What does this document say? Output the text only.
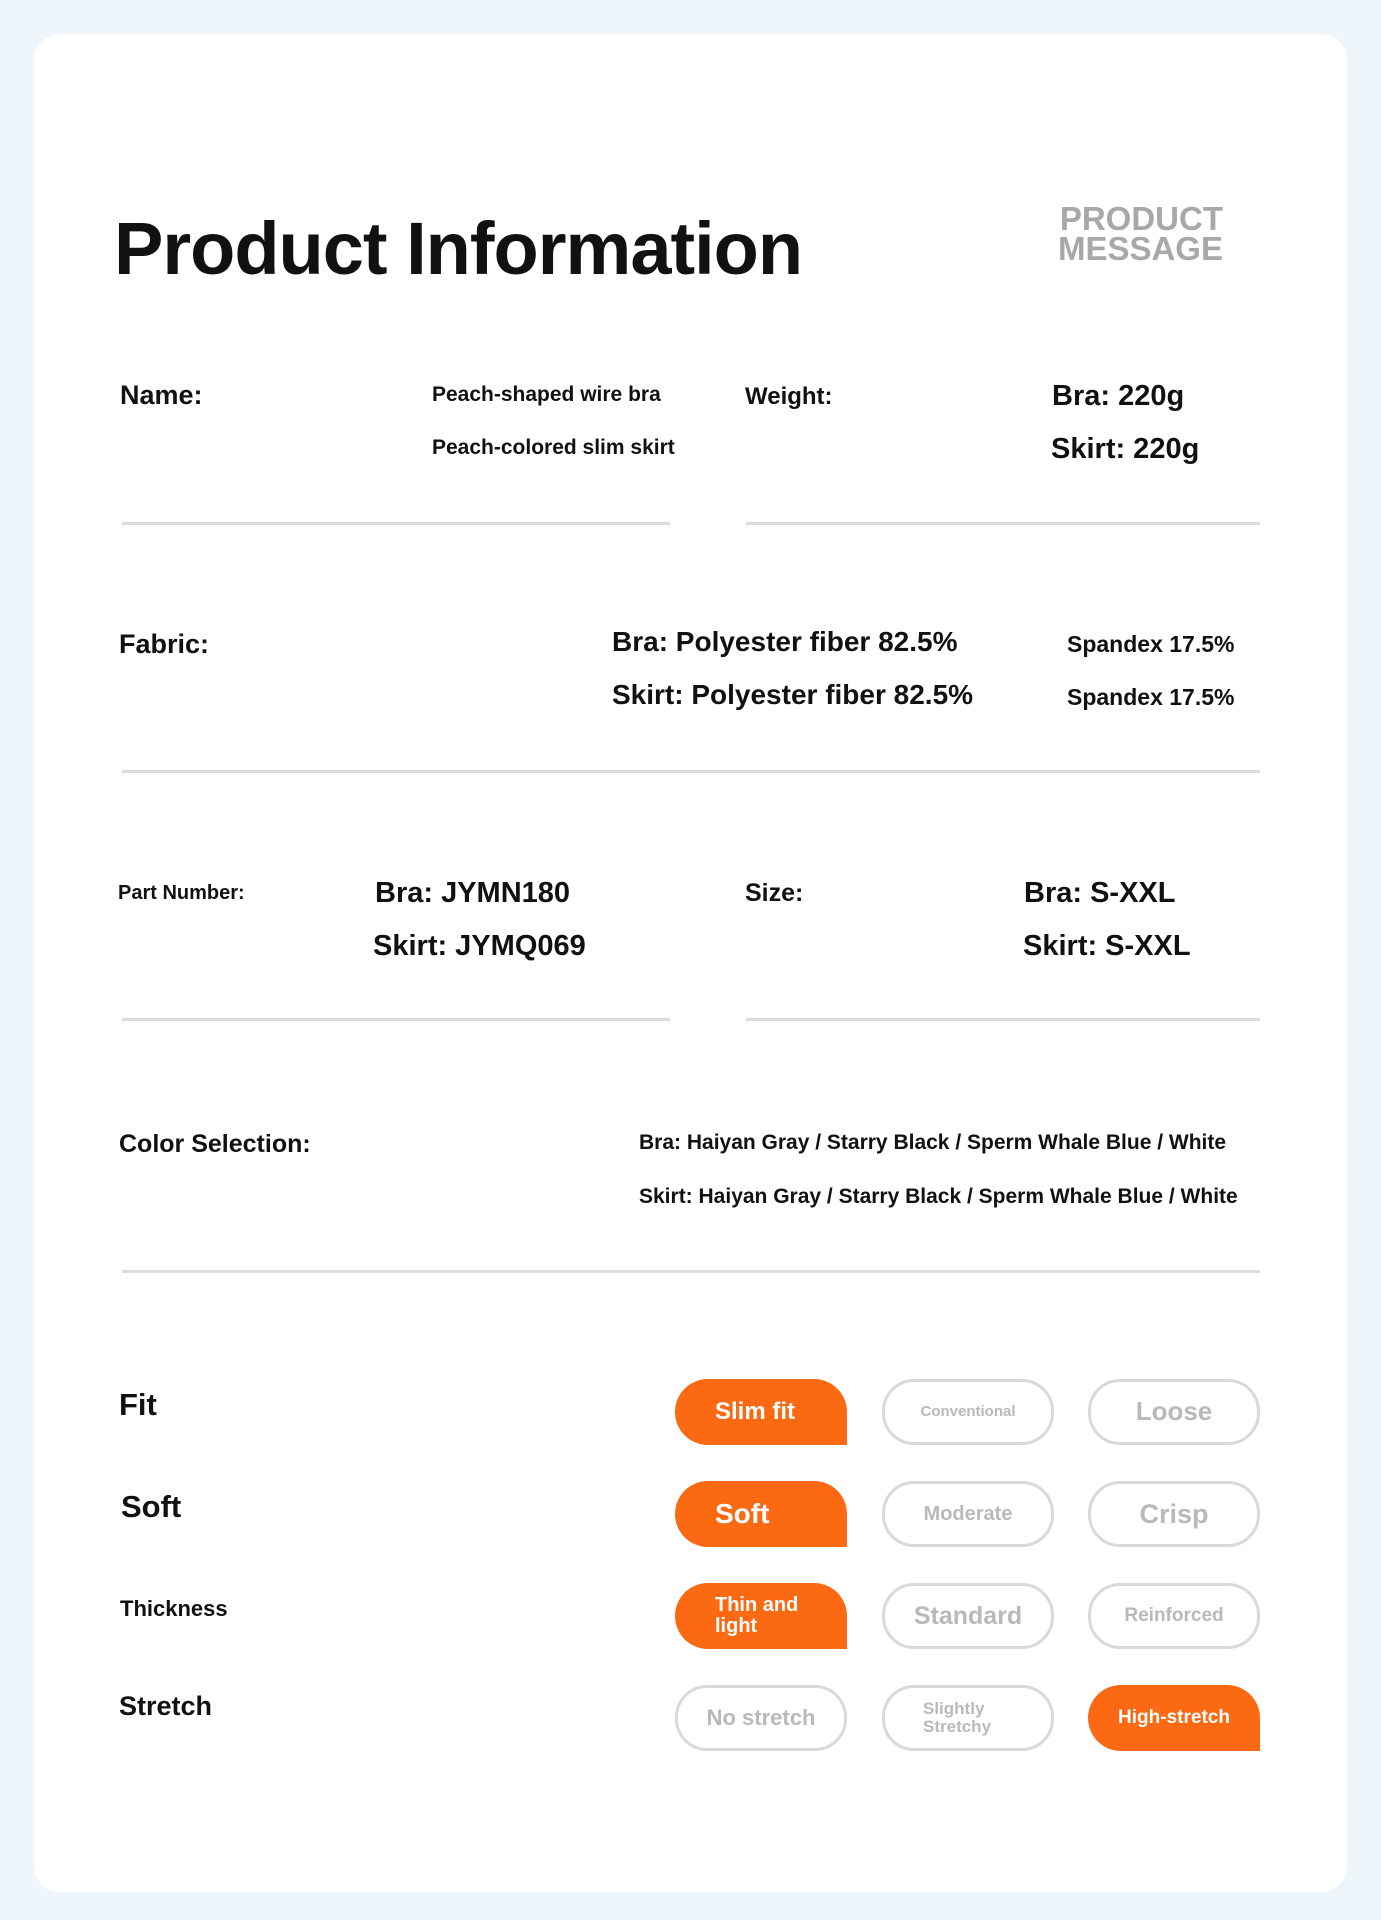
Product Information	PRODUCT
MESSAGE
Name:	Peach-shaped wire bra
Peach-colored slim skirt
Weight:	Bra: 220g
Skirt: 220g
Fabric:	Bra: Polyester fiber 82.5%	Spandex 17.5%
Skirt: Polyester fiber 82.5%	Spandex 17.5%
Part Number:	Bra: JYMN180
Skirt: JYMQ069
Size:	Bra: S-XXL
Skirt: S-XXL
Color Selection:	Bra: Haiyan Gray / Starry Black / Sperm Whale Blue / White
Skirt: Haiyan Gray / Starry Black / Sperm Whale Blue / White
Fit	Slim fit	Conventional	Loose
Soft	Soft	Moderate	Crisp
Thickness	Thin and light	Standard	Reinforced
Stretch	No stretch	Slightly Stretchy	High-stretch
